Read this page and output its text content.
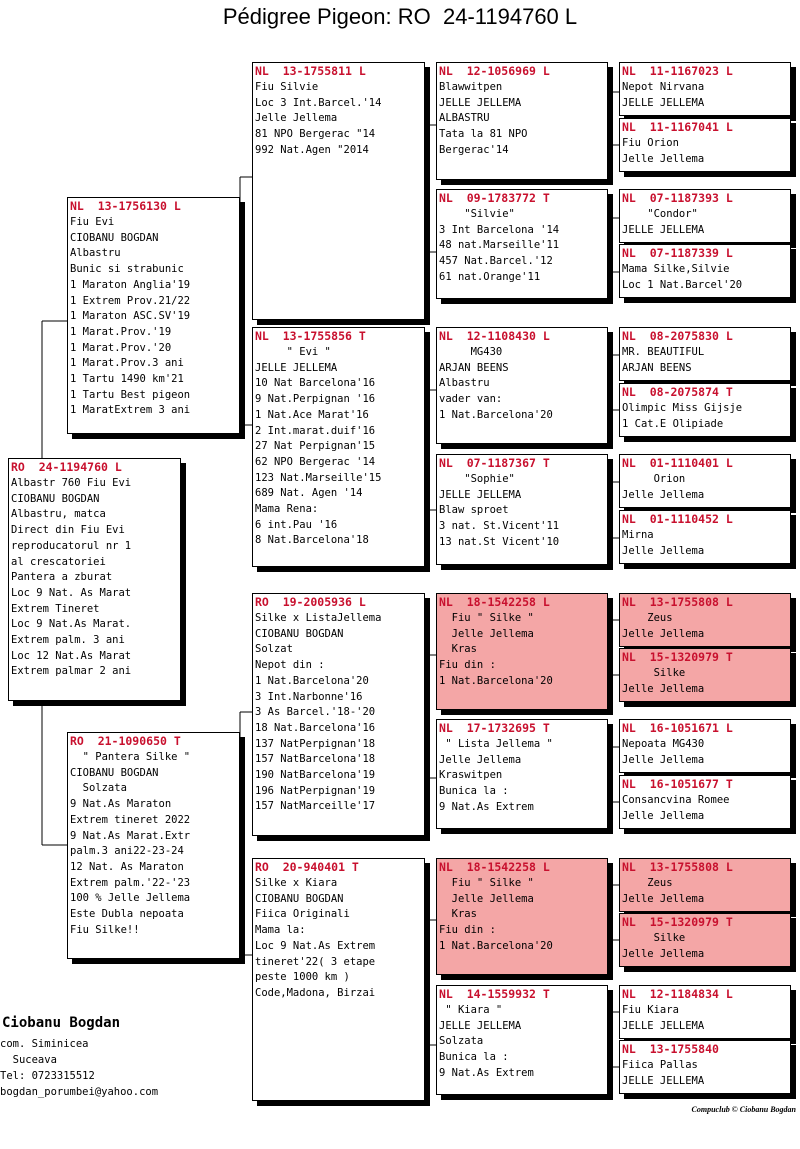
Pédigree Pigeon: RO  24-1194760 L
RO  24-1194760 L
Albastr 760 Fiu Evi
CIOBANU BOGDAN
Albastru, matca
Direct din Fiu Evi
reproducatorul nr 1
al crescatoriei
Pantera a zburat
Loc 9 Nat. As Marat
Extrem Tineret
Loc 9 Nat.As Marat.
Extrem palm. 3 ani
Loc 12 Nat.As Marat
Extrem palmar 2 ani
NL  13-1756130 L
Fiu Evi
CIOBANU BOGDAN
Albastru
Bunic si strabunic
1 Maraton Anglia'19
1 Extrem Prov.21/22
1 Maraton ASC.SV'19
1 Marat.Prov.'19
1 Marat.Prov.'20
1 Marat.Prov.3 ani
1 Tartu 1490 km'21
1 Tartu Best pigeon
1 MaratExtrem 3 ani
RO  21-1090650 T
" Pantera Silke "
CIOBANU BOGDAN
Solzata
9 Nat.As Maraton
Extrem tineret 2022
9 Nat.As Marat.Extr
palm.3 ani22-23-24
12 Nat. As Maraton
Extrem palm.'22-'23
100 % Jelle Jellema
Este Dubla nepoata
Fiu Silke!!
NL  13-1755811 L
Fiu Silvie
Loc 3 Int.Barcel.'14
Jelle Jellema
81 NPO Bergerac "14
992 Nat.Agen "2014
NL  13-1755856 T
" Evi "
JELLE JELLEMA
10 Nat Barcelona'16
9 Nat.Perpignan '16
1 Nat.Ace Marat'16
2 Int.marat.duif'16
27 Nat Perpignan'15
62 NPO Bergerac '14
123 Nat.Marseille'15
689 Nat. Agen '14
Mama Rena:
6 int.Pau '16
8 Nat.Barcelona'18
RO  19-2005936 L
Silke x ListaJellema
CIOBANU BOGDAN
Solzat
Nepot din :
1 Nat.Barcelona'20
3 Int.Narbonne'16
3 As Barcel.'18-'20
18 Nat.Barcelona'16
137 NatPerpignan'18
157 NatBarcelona'18
190 NatBarcelona'19
196 NatPerpignan'19
157 NatMarceille'17
RO  20-940401 T
Silke x Kiara
CIOBANU BOGDAN
Fiica Originali
Mama la:
Loc 9 Nat.As Extrem
tineret'22( 3 etape
peste 1000 km )
Code,Madona, Birzai
NL  12-1056969 L
Blawwitpen
JELLE JELLEMA
ALBASTRU
Tata la 81 NPO
Bergerac'14
NL  09-1783772 T
"Silvie"
3 Int Barcelona '14
48 nat.Marseille'11
457 Nat.Barcel.'12
61 nat.Orange'11
NL  12-1108430 L
MG430
ARJAN BEENS
Albastru
vader van:
1 Nat.Barcelona'20
NL  07-1187367 T
"Sophie"
JELLE JELLEMA
Blaw sproet
3 nat. St.Vicent'11
13 nat.St Vicent'10
NL  18-1542258 L
Fiu " Silke "
Jelle Jellema
Kras
Fiu din :
1 Nat.Barcelona'20
NL  17-1732695 T
" Lista Jellema "
Jelle Jellema
Kraswitpen
Bunica la :
9 Nat.As Extrem
NL  18-1542258 L
Fiu " Silke "
Jelle Jellema
Kras
Fiu din :
1 Nat.Barcelona'20
NL  14-1559932 T
" Kiara "
JELLE JELLEMA
Solzata
Bunica la :
9 Nat.As Extrem
NL  11-1167023 L
Nepot Nirvana
JELLE JELLEMA
NL  11-1167041 L
Fiu Orion
Jelle Jellema
NL  07-1187393 L
"Condor"
JELLE JELLEMA
NL  07-1187339 L
Mama Silke,Silvie
Loc 1 Nat.Barcel'20
NL  08-2075830 L
MR. BEAUTIFUL
ARJAN BEENS
NL  08-2075874 T
Olimpic Miss Gijsje
1 Cat.E Olipiade
NL  01-1110401 L
Orion
Jelle Jellema
NL  01-1110452 L
Mirna
Jelle Jellema
NL  13-1755808 L
Zeus
Jelle Jellema
NL  15-1320979 T
Silke
Jelle Jellema
NL  16-1051671 L
Nepoata MG430
Jelle Jellema
NL  16-1051677 T
Consancvina Romee
Jelle Jellema
NL  13-1755808 L
Zeus
Jelle Jellema
NL  15-1320979 T
Silke
Jelle Jellema
NL  12-1184834 L
Fiu Kiara
JELLE JELLEMA
NL  13-1755840
Fiica Pallas
JELLE JELLEMA
Ciobanu Bogdan
com. Siminicea
Suceava
Tel: 0723315512
bogdan_porumbei@yahoo.com
Compuclub © Ciobanu Bogdan
